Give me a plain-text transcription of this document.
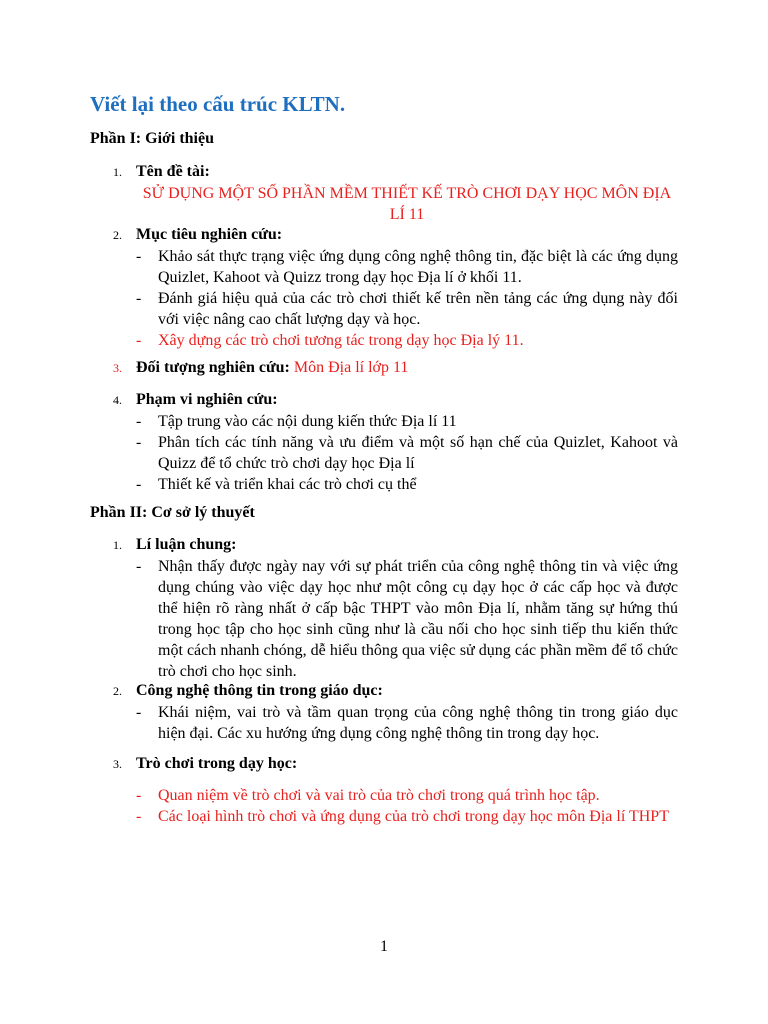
Viết lại theo cấu trúc KLTN.
Phần I: Giới thiệu
1. Tên đề tài:
SỬ DỤNG MỘT SỐ PHẦN MỀM THIẾT KẾ TRÒ CHƠI DẠY HỌC MÔN ĐỊA LÍ 11
2. Mục tiêu nghiên cứu:
- Khảo sát thực trạng việc ứng dụng công nghệ thông tin, đặc biệt là các ứng dụng Quizlet, Kahoot và Quizz trong dạy học Địa lí ở khối 11.
- Đánh giá hiệu quả của các trò chơi thiết kế trên nền tảng các ứng dụng này đối với việc nâng cao chất lượng dạy và học.
- Xây dựng các trò chơi tương tác trong dạy học Địa lý 11.
3. Đối tượng nghiên cứu: Môn Địa lí lớp 11
4. Phạm vi nghiên cứu:
- Tập trung vào các nội dung kiến thức Địa lí 11
- Phân tích các tính năng và ưu điểm và một số hạn chế của Quizlet, Kahoot và Quizz để tổ chức trò chơi dạy học Địa lí
- Thiết kế và triển khai các trò chơi cụ thể
Phần II: Cơ sở lý thuyết
1. Lí luận chung:
- Nhận thấy được ngày nay với sự phát triển của công nghệ thông tin và việc ứng dụng chúng vào việc dạy học như một công cụ dạy học ở các cấp học và được thể hiện rõ ràng nhất ở cấp bậc THPT vào môn Địa lí, nhằm tăng sự hứng thú trong học tập cho học sinh cũng như là cầu nối cho học sinh tiếp thu kiến thức một cách nhanh chóng, dễ hiểu thông qua việc sử dụng các phần mềm để tổ chức trò chơi cho học sinh.
2. Công nghệ thông tin trong giáo dục:
- Khái niệm, vai trò và tầm quan trọng của công nghệ thông tin trong giáo dục hiện đại. Các xu hướng ứng dụng công nghệ thông tin trong dạy học.
3. Trò chơi trong dạy học:
- Quan niệm về trò chơi và vai trò của trò chơi trong quá trình học tập.
- Các loại hình trò chơi và ứng dụng của trò chơi trong dạy học môn Địa lí THPT
1
